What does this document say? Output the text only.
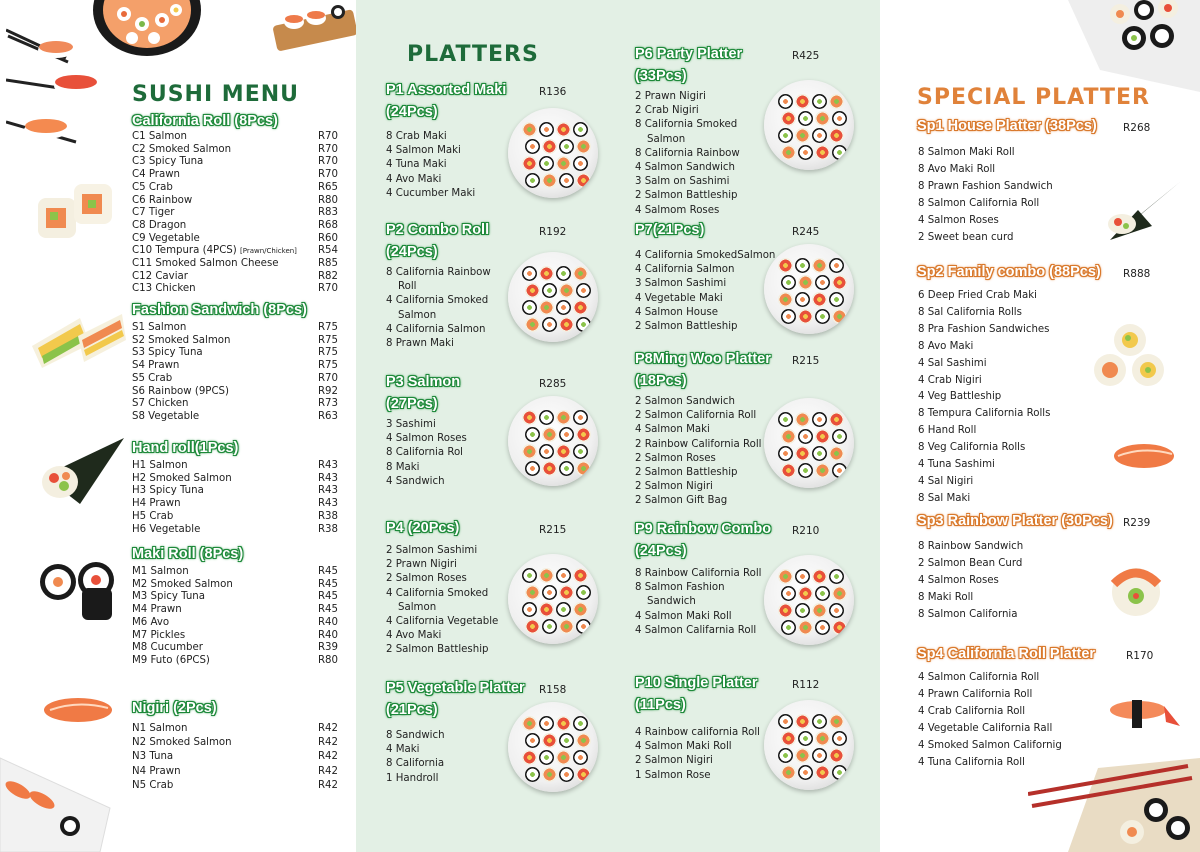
SUSHI MENU
California Roll (8Pcs)
C1 Salmon	R70
C2 Smoked Salmon	R70
C3 Spicy Tuna	R70
C4 Prawn	R70
C5 Crab	R65
C6 Rainbow	R80
C7 Tiger	R83
C8 Dragon	R68
C9 Vegetable	R60
C10 Tempura (4PCS) [Prawn/Chicken] R54
C11 Smoked Salmon Cheese	R85
C12 Caviar	R82
C13 Chicken	R70
Fashion Sandwich (8Pcs)
S1 Salmon	R75
S2 Smoked Salmon	R75
S3 Spicy Tuna	R75
S4 Prawn	R75
S5 Crab	R70
S6 Rainbow (9PCS)	R92
S7 Chicken	R73
S8 Vegetable	R63
Hand roll(1Pcs)
H1 Salmon	R43
H2 Smoked Salmon	R43
H3 Spicy Tuna	R43
H4 Prawn	R43
H5 Crab	R38
H6 Vegetable	R38
Maki Roll (8Pcs)
M1 Salmon	R45
M2 Smoked Salmon	R45
M3 Spicy Tuna	R45
M4 Prawn	R45
M6 Avo	R40
M7 Pickles	R40
M8 Cucumber	R39
M9 Futo (6PCS)	R80
Nigiri (2Pcs)
N1 Salmon	R42
N2 Smoked Salmon	R42
N3 Tuna	R42
N4 Prawn	R42
N5 Crab	R42
PLATTERS
P1 Assorted Maki	R136
(24Pcs)
8 Crab Maki
4 Salmon Maki
4 Tuna Maki
4 Avo Maki
4 Cucumber Maki
P2 Combo Roll	R192
(24Pcs)
8 California Rainbow
Roll
4 California Smoked
Salmon
4 California Salmon
8 Prawn Maki
P3 Salmon	R285
(27Pcs)
3 Sashimi
4 Salmon Roses
8 California Rol
8 Maki
4 Sandwich
P4 (20Pcs)	R215
2 Salmon Sashimi
2 Prawn Nigiri
2 Salmon Roses
4 California Smoked
Salmon
4 California Vegetable
4 Avo Maki
2 Salmon Battleship
P5 Vegetable Platter R158
(21Pcs)
8 Sandwich
4 Maki
8 California
1 Handroll
P6 Party Platter	R425
(33Pcs)
2 Prawn Nigiri
2 Crab Nigiri
8 California Smoked
Salmon
8 California Rainbow
4 Salmon Sandwich
3 Salm on Sashimi
2 Salmon Battleship
4 Salmom Roses
P7(21Pcs)	R245
4 California SmokedSalmon
4 California Salmon
3 Salmon Sashimi
4 Vegetable Maki
4 Salmon House
2 Salmon Battleship
P8Ming Woo Platter R215
(18Pcs)
2 Salmon Sandwich
2 Salmon California Roll
4 Salmon Maki
2 Rainbow California Roll
2 Salmon Roses
2 Salmon Battleship
2 Salmon Nigiri
2 Salmon Gift Bag
P9 Rainbow Combo R210
(24Pcs)
8 Rainbow California Roll
8 Salmon Fashion
Sandwich
4 Salmon Maki Roll
4 Salmon Califarnia Roll
P10 Single Platter	R112
(11Pcs)
4 Rainbow california Roll
4 Salmon Maki Roll
2 Salmon Nigiri
1 Salmon Rose
SPECIAL PLATTER
Sp1 House Platter (38Pcs)	R268
8 Salmon Maki Roll
8 Avo Maki Roll
8 Prawn Fashion Sandwich
8 Salmon California Roll
4 Salmon Roses
2 Sweet bean curd
Sp2 Family combo (88Pcs) R888
6 Deep Fried Crab Maki
8 Sal California Rolls
8 Pra Fashion Sandwiches
8 Avo Maki
4 Sal Sashimi
4 Crab Nigiri
4 Veg Battleship
8 Tempura California Rolls
6 Hand Roll
8 Veg California Rolls
4 Tuna Sashimi
4 Sal Nigiri
8 Sal Maki
Sp3 Rainbow Platter (30Pcs) R239
8 Rainbow Sandwich
2 Salmon Bean Curd
4 Salmon Roses
8 Maki Roll
8 Salmon California
Sp4 California Roll Platter	R170
4 Salmon California Roll
4 Prawn California Roll
4 Crab California Roll
4 Vegetable California Rall
4 Smoked Salmon Californig
4 Tuna California Roll
